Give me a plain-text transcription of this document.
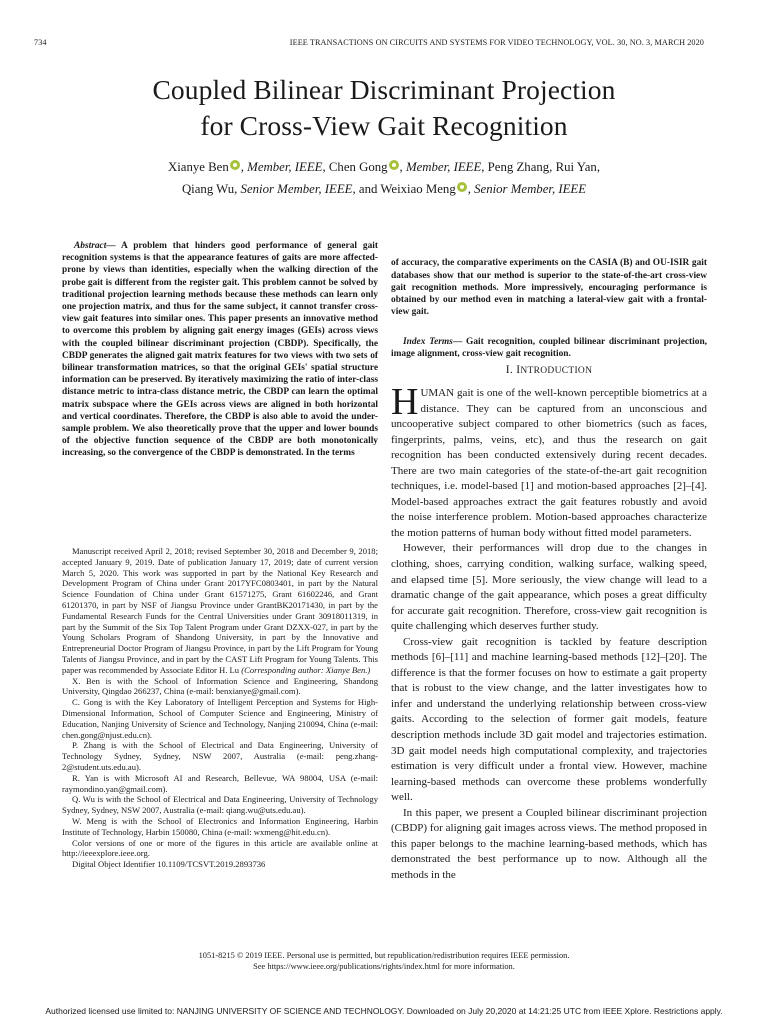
734	IEEE TRANSACTIONS ON CIRCUITS AND SYSTEMS FOR VIDEO TECHNOLOGY, VOL. 30, NO. 3, MARCH 2020
Coupled Bilinear Discriminant Projection
for Cross-View Gait Recognition
Xianye Ben , Member, IEEE, Chen Gong , Member, IEEE, Peng Zhang, Rui Yan,
Qiang Wu, Senior Member, IEEE, and Weixiao Meng , Senior Member, IEEE

Abstract— A problem that hinders good performance of general gait recognition systems is that the appearance features of gaits are more affected-prone by views than identities, especially when the walking direction of the probe gait is different from the register gait. This problem cannot be solved by traditional projection learning methods because these methods can learn only one projection matrix, and thus for the same subject, it cannot transfer cross-view gait features into similar ones. This paper presents an innovative method to overcome this problem by aligning gait energy images (GEIs) across views with the coupled bilinear discriminant projection (CBDP). Specifically, the CBDP generates the aligned gait matrix features for two views with two sets of bilinear transformation matrices, so that the original GEIs' spatial structure information can be preserved. By iteratively maximizing the ratio of inter-class distance metric to intra-class distance metric, the CBDP can learn the optimal matrix subspace where the GEIs across views are aligned in both horizontal and vertical coordinates. Therefore, the CBDP is also able to avoid the under-sample problem. We also theoretically prove that the upper and lower bounds of the objective function sequence of the CBDP are both monotonically increasing, so the convergence of the CBDP is demonstrated. In the terms

of accuracy, the comparative experiments on the CASIA (B) and OU-ISIR gait databases show that our method is superior to the state-of-the-art cross-view gait recognition methods. More impressively, encouraging performance is obtained by our method even in matching a lateral-view gait with a frontal-view gait.

Index Terms— Gait recognition, coupled bilinear discriminant projection, image alignment, cross-view gait recognition.

I. INTRODUCTION

HUMAN gait is one of the well-known perceptible biometrics at a distance. They can be captured from an unconscious and uncooperative subject compared to other biometrics (such as faces, fingerprints, palms, veins, etc), and thus the research on gait recognition has been conducted extensively during recent decades. There are two main categories of the state-of-the-art gait recognition techniques, i.e. model-based [1] and motion-based approaches [2]–[4]. Model-based approaches extract the gait features robustly and avoid the noise interference problem. Motion-based approaches characterize the motion patterns of human body without fitted model parameters.

However, their performances will drop due to the changes in clothing, shoes, carrying condition, walking surface, walking speed, and elapsed time [5]. More seriously, the view change will lead to a dramatic change of the gait appearance, which poses a great difficulty for accurate gait recognition. Therefore, cross-view gait recognition is quite challenging which deserves further study.

Cross-view gait recognition is tackled by feature description methods [6]–[11] and machine learning-based methods [12]–[20]. The difference is that the former focuses on how to estimate a gait property that is robust to the view change, and the latter investigates how to infer and understand the underlying relationship between cross-view gaits. According to the selection of former gait models, feature description methods include 3D gait model and trajectories estimation. 3D gait model needs high computational complexity, and trajectories estimation is very difficult under a frontal view. However, machine learning-based methods can overcome these problems wonderfully well.

In this paper, we present a Coupled bilinear discriminant projection (CBDP) for aligning gait images across views. The method proposed in this paper belongs to the machine learning-based methods, which has demonstrated the best performance up to now. Although all the methods in the

Manuscript received April 2, 2018; revised September 30, 2018 and December 9, 2018; accepted January 9, 2019. Date of publication January 17, 2019; date of current version March 5, 2020. This work was supported in part by the National Key Research and Development Program of China under Grant 2017YFC0803401, in part by the Natural Science Foundation of China under Grant 61571275, Grant 61602246, and Grant 61201370, in part by NSF of Jiangsu Province under GrantBK20171430, in part by the Fundamental Research Funds for the Central Universities under Grant 30918011319, in part by the Summit of the Six Top Talent Program under Grant DZXX-027, in part by the Young Scholars Program of Shandong University, in part by the Innovative and Entrepreneurial Doctor Program of Jiangsu Province, in part by the Lift Program for Young Talents of Jiangsu Province, and in part by the CAST Lift Program for Young Talents. This paper was recommended by Associate Editor H. Lu (Corresponding author: Xianye Ben.)

X. Ben is with the School of Information Science and Engineering, Shandong University, Qingdao 266237, China (e-mail: benxianye@gmail.com).

C. Gong is with the Key Laboratory of Intelligent Perception and Systems for High-Dimensional Information, School of Computer Science and Engineering, Ministry of Education, Nanjing University of Science and Technology, Nanjing 210094, China (e-mail: chen.gong@njust.edu.cn).

P. Zhang is with the School of Electrical and Data Engineering, University of Technology Sydney, Sydney, NSW 2007, Australia (e-mail: peng.zhang-2@student.uts.edu.au).

R. Yan is with Microsoft AI and Research, Bellevue, WA 98004, USA (e-mail: raymondino.yan@gmail.com).

Q. Wu is with the School of Electrical and Data Engineering, University of Technology Sydney, Sydney, NSW 2007, Australia (e-mail: qiang.wu@uts.edu.au).

W. Meng is with the School of Electronics and Information Engineering, Harbin Institute of Technology, Harbin 150080, China (e-mail: wxmeng@hit.edu.cn).

Color versions of one or more of the figures in this article are available online at http://ieeexplore.ieee.org.

Digital Object Identifier 10.1109/TCSVT.2019.2893736

1051-8215 © 2019 IEEE. Personal use is permitted, but republication/redistribution requires IEEE permission.
See https://www.ieee.org/publications/rights/index.html for more information.
Authorized licensed use limited to: NANJING UNIVERSITY OF SCIENCE AND TECHNOLOGY. Downloaded on July 20,2020 at 14:21:25 UTC from IEEE Xplore. Restrictions apply.
